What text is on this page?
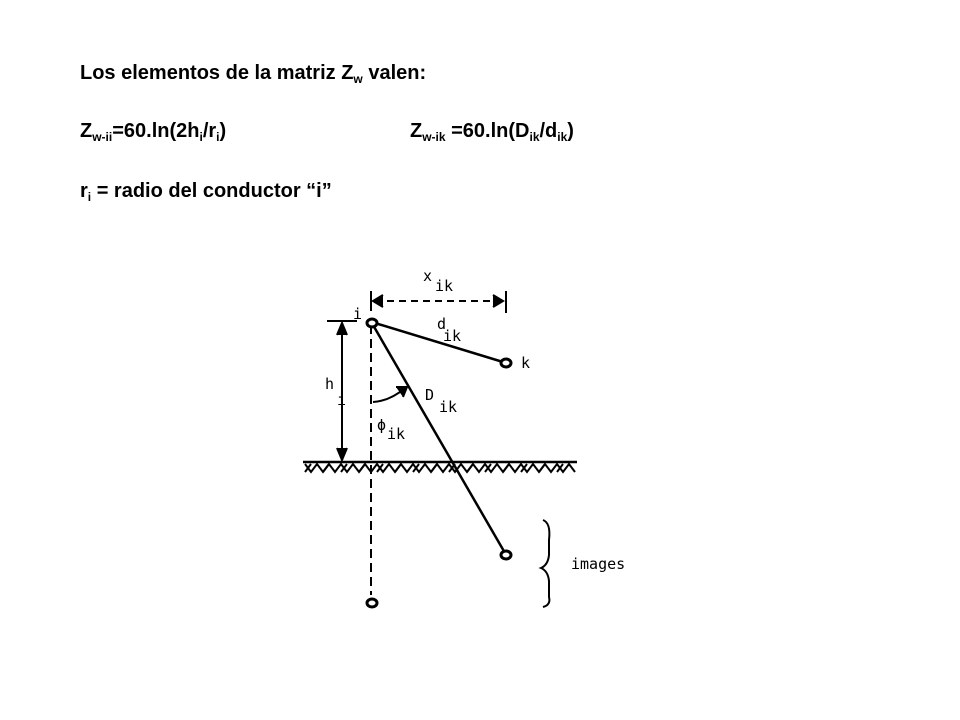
Los elementos de la matriz $Z_w$ valen:
$Z_{w-ii}=60.\ln(2h_i/r_i)$	$Z_{w-ik} =60.\ln(D_{ik}/d_{ik})$
$r_i$ = radio del conductor “i”
i
k
x
ik
d
ik
h
i	D
ik
ϕ ik
images
